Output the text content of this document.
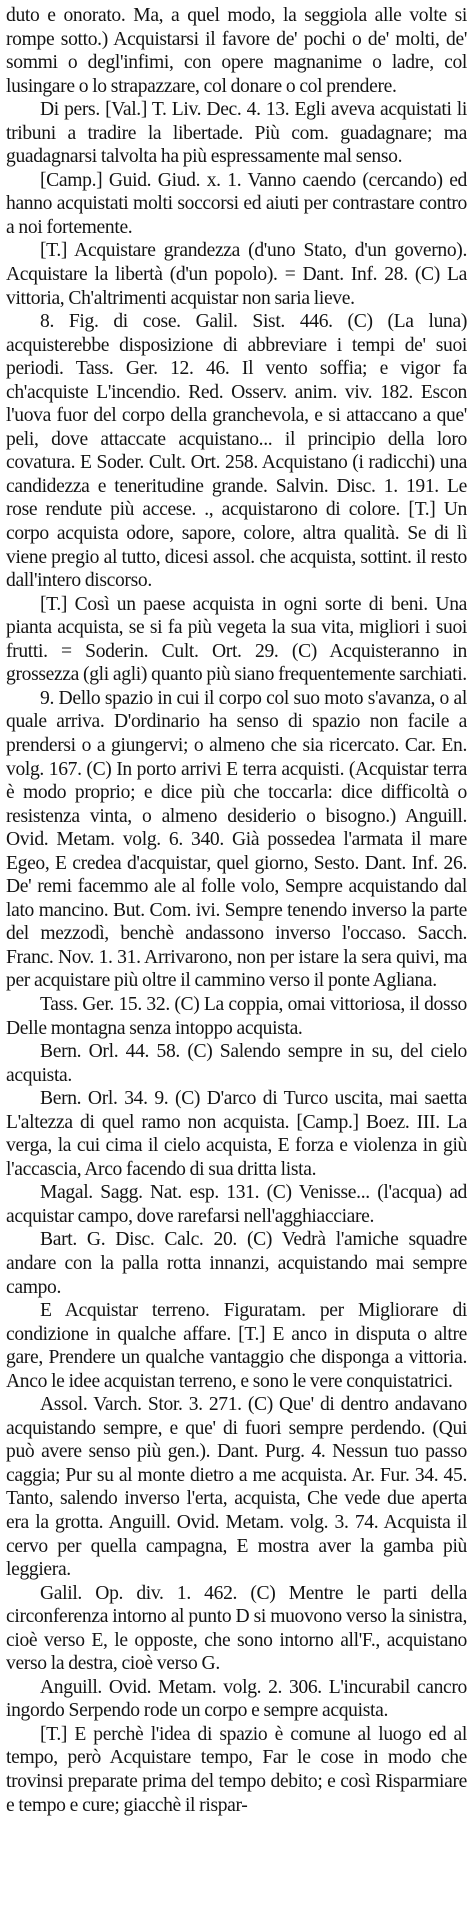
duto e onorato. Ma, a quel modo, la seggiola alle volte si rompe sotto.) Acquistarsi il favore de' pochi o de' molti, de' sommi o degl'infimi, con opere magnanime o ladre, col lusingare o lo strapazzare, col donare o col prendere.

Di pers. [Val.] T. Liv. Dec. 4. 13. Egli aveva acquistati li tribuni a tradire la libertade. Più com. guadagnare; ma guadagnarsi talvolta ha più espressamente mal senso.

[Camp.] Guid. Giud. x. 1. Vanno caendo (cercando) ed hanno acquistati molti soccorsi ed aiuti per contrastare contro a noi fortemente.

[T.] Acquistare grandezza (d'uno Stato, d'un governo). Acquistare la libertà (d'un popolo). = Dant. Inf. 28. (C) La vittoria, Ch'altrimenti acquistar non saria lieve.

8. Fig. di cose. Galil. Sist. 446. (C) (La luna) acquisterebbe disposizione di abbreviare i tempi de' suoi periodi. Tass. Ger. 12. 46. Il vento soffia; e vigor fa ch'acquiste L'incendio. Red. Osserv. anim. viv. 182. Escon l'uova fuor del corpo della granchevola, e si attaccano a que' peli, dove attaccate acquistano... il principio della loro covatura. E Soder. Cult. Ort. 258. Acquistano (i radicchi) una candidezza e teneritudine grande. Salvin. Disc. 1. 191. Le rose rendute più accese. ., acquistarono di colore. [T.] Un corpo acquista odore, sapore, colore, altra qualità. Se di lì viene pregio al tutto, dicesi assol. che acquista, sottint. il resto dall'intero discorso.

[T.] Così un paese acquista in ogni sorte di beni. Una pianta acquista, se si fa più vegeta la sua vita, migliori i suoi frutti. = Soderin. Cult. Ort. 29. (C) Acquisteranno in grossezza (gli agli) quanto più siano frequentemente sarchiati.

9. Dello spazio in cui il corpo col suo moto s'avanza, o al quale arriva. D'ordinario ha senso di spazio non facile a prendersi o a giungervi; o almeno che sia ricercato. Car. En. volg. 167. (C) In porto arrivi E terra acquisti. (Acquistar terra è modo proprio; e dice più che toccarla: dice difficoltà o resistenza vinta, o almeno desiderio o bisogno.) Anguill. Ovid. Metam. volg. 6. 340. Già possedea l'armata il mare Egeo, E credea d'acquistar, quel giorno, Sesto. Dant. Inf. 26. De' remi facemmo ale al folle volo, Sempre acquistando dal lato mancino. But. Com. ivi. Sempre tenendo inverso la parte del mezzodì, benchè andassono inverso l'occaso. Sacch. Franc. Nov. 1. 31. Arrivarono, non per istare la sera quivi, ma per acquistare più oltre il cammino verso il ponte Agliana.

Tass. Ger. 15. 32. (C) La coppia, omai vittoriosa, il dosso Delle montagna senza intoppo acquista.

Bern. Orl. 44. 58. (C) Salendo sempre in su, del cielo acquista.

Bern. Orl. 34. 9. (C) D'arco di Turco uscita, mai saetta L'altezza di quel ramo non acquista. [Camp.] Boez. III. La verga, la cui cima il cielo acquista, E forza e violenza in giù l'accascia, Arco facendo di sua dritta lista.

Magal. Sagg. Nat. esp. 131. (C) Venisse... (l'acqua) ad acquistar campo, dove rarefarsi nell'agghiacciare.

Bart. G. Disc. Calc. 20. (C) Vedrà l'amiche squadre andare con la palla rotta innanzi, acquistando mai sempre campo.

E Acquistar terreno. Figuratam. per Migliorare di condizione in qualche affare. [T.] E anco in disputa o altre gare, Prendere un qualche vantaggio che disponga a vittoria. Anco le idee acquistan terreno, e sono le vere conquistatrici.

Assol. Varch. Stor. 3. 271. (C) Que' di dentro andavano acquistando sempre, e que' di fuori sempre perdendo. (Qui può avere senso più gen.). Dant. Purg. 4. Nessun tuo passo caggia; Pur su al monte dietro a me acquista. Ar. Fur. 34. 45. Tanto, salendo inverso l'erta, acquista, Che vede due aperta era la grotta. Anguill. Ovid. Metam. volg. 3. 74. Acquista il cervo per quella campagna, E mostra aver la gamba più leggiera.

Galil. Op. div. 1. 462. (C) Mentre le parti della circonferenza intorno al punto D si muovono verso la sinistra, cioè verso E, le opposte, che sono intorno all'F., acquistano verso la destra, cioè verso G.

Anguill. Ovid. Metam. volg. 2. 306. L'incurabil cancro ingordo Serpendo rode un corpo e sempre acquista.

[T.] E perchè l'idea di spazio è comune al luogo ed al tempo, però Acquistare tempo, Far le cose in modo che trovinsi preparate prima del tempo debito; e così Risparmiare e tempo e cure; giacchè il rispar-
